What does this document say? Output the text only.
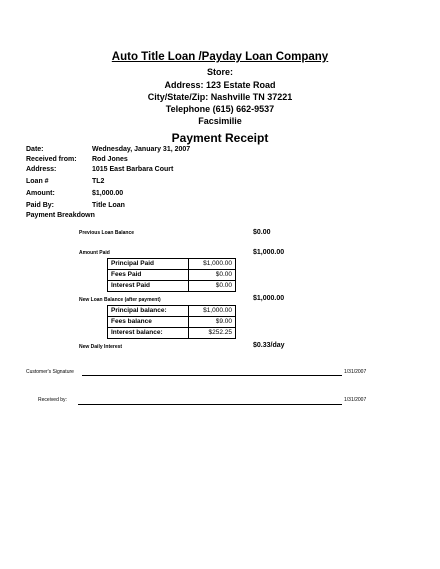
Auto Title Loan /Payday Loan Company
Store:
Address: 123 Estate Road
City/State/Zip: Nashville TN 37221
Telephone (615) 662-9537
Facsimilie
Payment Receipt
Date:	Wednesday, January 31, 2007
Received from: Rod Jones
Address:	1015 East Barbara Court
Loan #	TL2
Amount:	$1,000.00
Paid By:	Title Loan
Payment Breakdown
Previous Loan Balance	$0.00
Amount Paid	$1,000.00
Principal Paid	$1,000.00
Fees Paid	$0.00
Interest Paid	$0.00
New Loan Balance (after payment)	$1,000.00
Principal balance:	$1,000.00
Fees balance	$9.00
Interest balance:	$252.25
New Daily Interest	$0.33/day
Customer's Signature	1/31/2007
Received by:	1/31/2007
